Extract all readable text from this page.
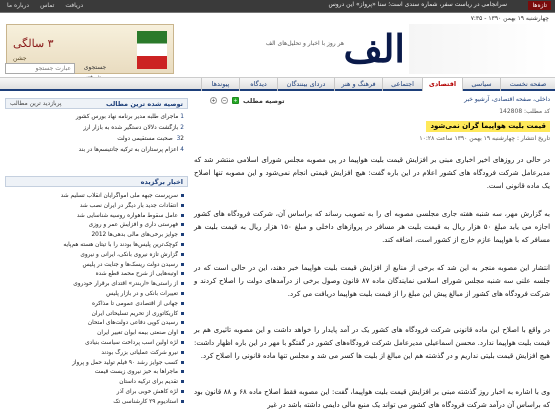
درباره ما	تماس	دریافت	تازه‌ها
سرانجامی در ریاست سفر، شماره سندی است؛ سنا «پرواز» این دروس
چهارشنبه ۱۹ بهمن ۱۳۹۰ - ۷:۳۵
الف
هر روز با اخبار و تحلیل‌های الف
۳ سالگی
جشن
عبارت جستجو	جستجوی
صفحه نخست
سیاسی
اقتصادی
اجتماعی
فرهنگ و هنر
دردای بینندگان
دیدگاه
پیوندها
توصیه شده ترین مطالب
پربازدید ترین مطالب
1ماجرای طلبه مدیر برنامه نهاد بورس کشور
2بازگشت دلالان دستگیر شده به بازار ارز
32 صحبت مستقیمی دولت
4اعزام پرستاران به ترکیه جانتیسم‌ها در بند
اخبار برگزیده
سرپرست جبهه ملی امواگرایان انقلاب تسلیم شد
انتقادات جدید بار دیگر در ایران نصب شد
عامل سقوط ماهواره روسیه شناسایی شد
فهرستی داری و افزایش عمر و روزی
جوایز برخی‌های مالی بدهی‌ها 2012
کوچک‌ترین پلیس‌ها بودند را با تیتان هسته هم‌پایه
گزارش تازه نیروی بانکی، ایرانی و نیروی
رسیدن دولت ریسک‌ها و جنایت در پلیس
اوتبه‌هایی از شرح محمد قطع شده
از راستی‌ها «اربندر» اقتدای برقرار خودروی
تغییرات بانکی و در بازار پلیس
جهانی از اقتصادی عمومی تا مذاکره
کاریکاتوری از تحریم تسلیحاتی ایران
رسیدن کوپی دفاعی دولت‌های امتحان
اوان صنعتی بیمه ابوان تغییر ایران
لژه اولین اسب پرداخت سیاست بنیادی
نیرو شرکت عملیاتی بزرگ بودند
کسب جوایز رشد ۹۰ فیلم تولید حمل و پرواز
ماجراها به خیز نیروی زیست قیمت
تقدیم برای ترکیه داستان
لژه کاهش خوبی برای آذر
استادیوم ۲۹ کارشناسی تک
داخلی، صفحه اقتصادی، آرشیو خبر
توصیه مطلب
+
−
+
کد مطلب: 142808
قیمت بلیت هواپیما گران نمی‌شود
تاریخ انتشار : چهارشنبه ۱۹ بهمن ۱۳۹۰ ساعت ۱۰:۲۸
در حالی در روزهای اخیر اخباری مبنی بر افزایش قیمت بلیت هواپیما در پی مصوبه مجلس شورای اسلامی منتشر شد که مدیرعامل شرکت فرودگاه های کشور اعلام در این باره گفت: هیچ افزایش قیمتی انجام نمی‌شود و این مصوبه تنها اصلاح یک ماده قانونی است.
به گزارش مهر، سه شنبه هفته جاری مجلسی مصوبه ای را به تصویب رساند که براساس آن، شرکت فرودگاه های کشور اجازه می یابد مبلغ ۵۰ هزار ریال به قیمت بلیت هر مسافر در پروازهای داخلی و مبلغ ۱۵۰ هزار ریال به قیمت بلیت هر مسافر که با هواپیما عازم خارج از کشور است، اضافه کند.
انتشار این مصوبه منجر به این شد که برخی از منابع از افزایش قیمت بلیت هواپیما خبر دهند، این در حالی است که در جلسه علنی سه شنبه مجلس شورای اسلامی نمایندگان ماده ۸۷ قانون وصول برخی از درآمدهای دولت را اصلاح کردند و شرکت فرودگاه های کشور از مبالغ پیش این مبلغ را از قیمت بلیت هواپیما دریافت می کرد.
در واقع با اصلاح این ماده قانونی شرکت فرودگاه های کشور یک در آمد پایدار را خواهد داشت و این مصوبه تاثیری هم بر قیمت بلیت هواپیما ندارد. محسن اسماعیلی مدیرعامل شرکت فرودگاه‌های کشور در گفتگو با مهر در این باره اظهار داشت: هیچ افزایش قیمت بلیتی نداریم و در گذشته هم این مبالغ از بلیت ها کسر می شد و مجلس تنها ماده قانونی را اصلاح کرد.
وی با اشاره به اخبار روز گذشته مبنی بر افزایش قیمت بلیت هواپیما، گفت: این مصوبه فقط اصلاح ماده ۶۸ و ۸۸ قانون بود که براساس آن درآمد شرکت فرودگاه های کشور می تواند یک منبع مالی دایمی داشته باشد در غیر
